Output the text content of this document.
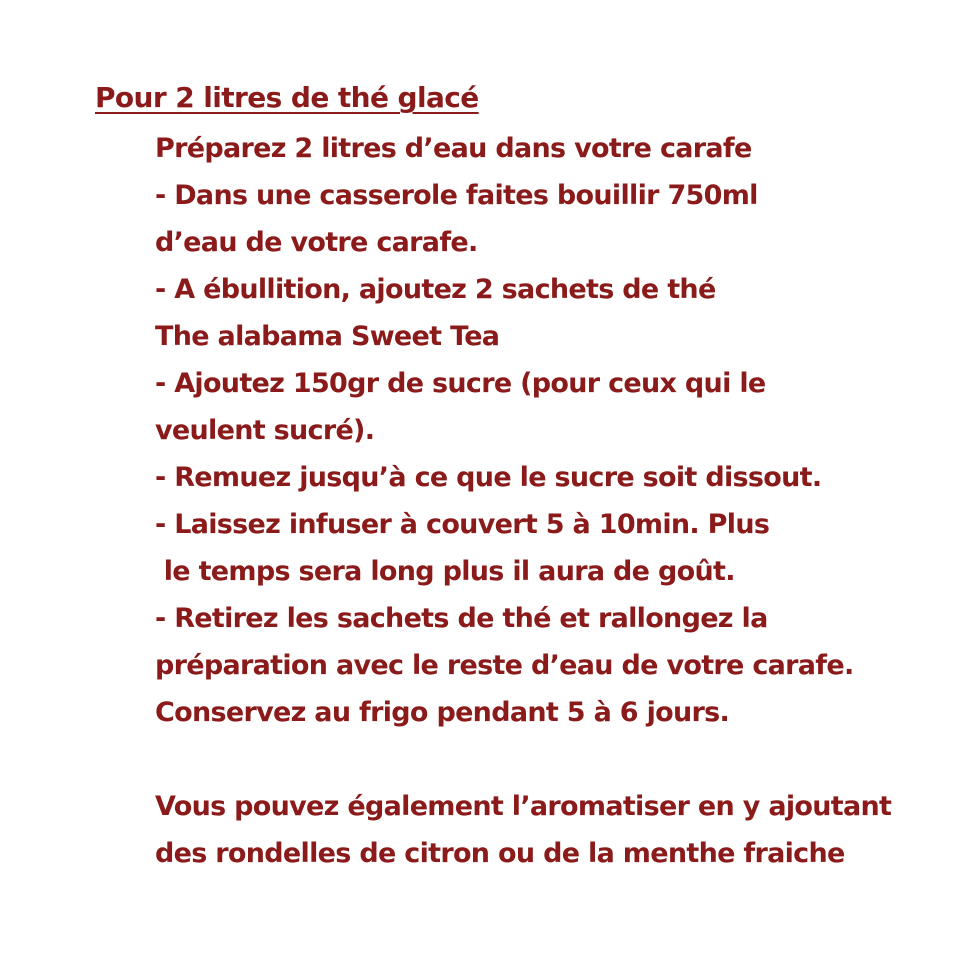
Pour 2 litres de thé glacé
Préparez 2 litres d’eau dans votre carafe
- Dans une casserole faites bouillir 750ml
d’eau de votre carafe.
- A ébullition, ajoutez 2 sachets de thé
The alabama Sweet Tea
- Ajoutez 150gr de sucre (pour ceux qui le
veulent sucré).
- Remuez jusqu’à ce que le sucre soit dissout.
- Laissez infuser à couvert 5 à 10min. Plus
le temps sera long plus il aura de goût.
- Retirez les sachets de thé et rallongez la
préparation avec le reste d’eau de votre carafe.
Conservez au frigo pendant 5 à 6 jours.
Vous pouvez également l’aromatiser en y ajoutant
des rondelles de citron ou de la menthe fraiche
